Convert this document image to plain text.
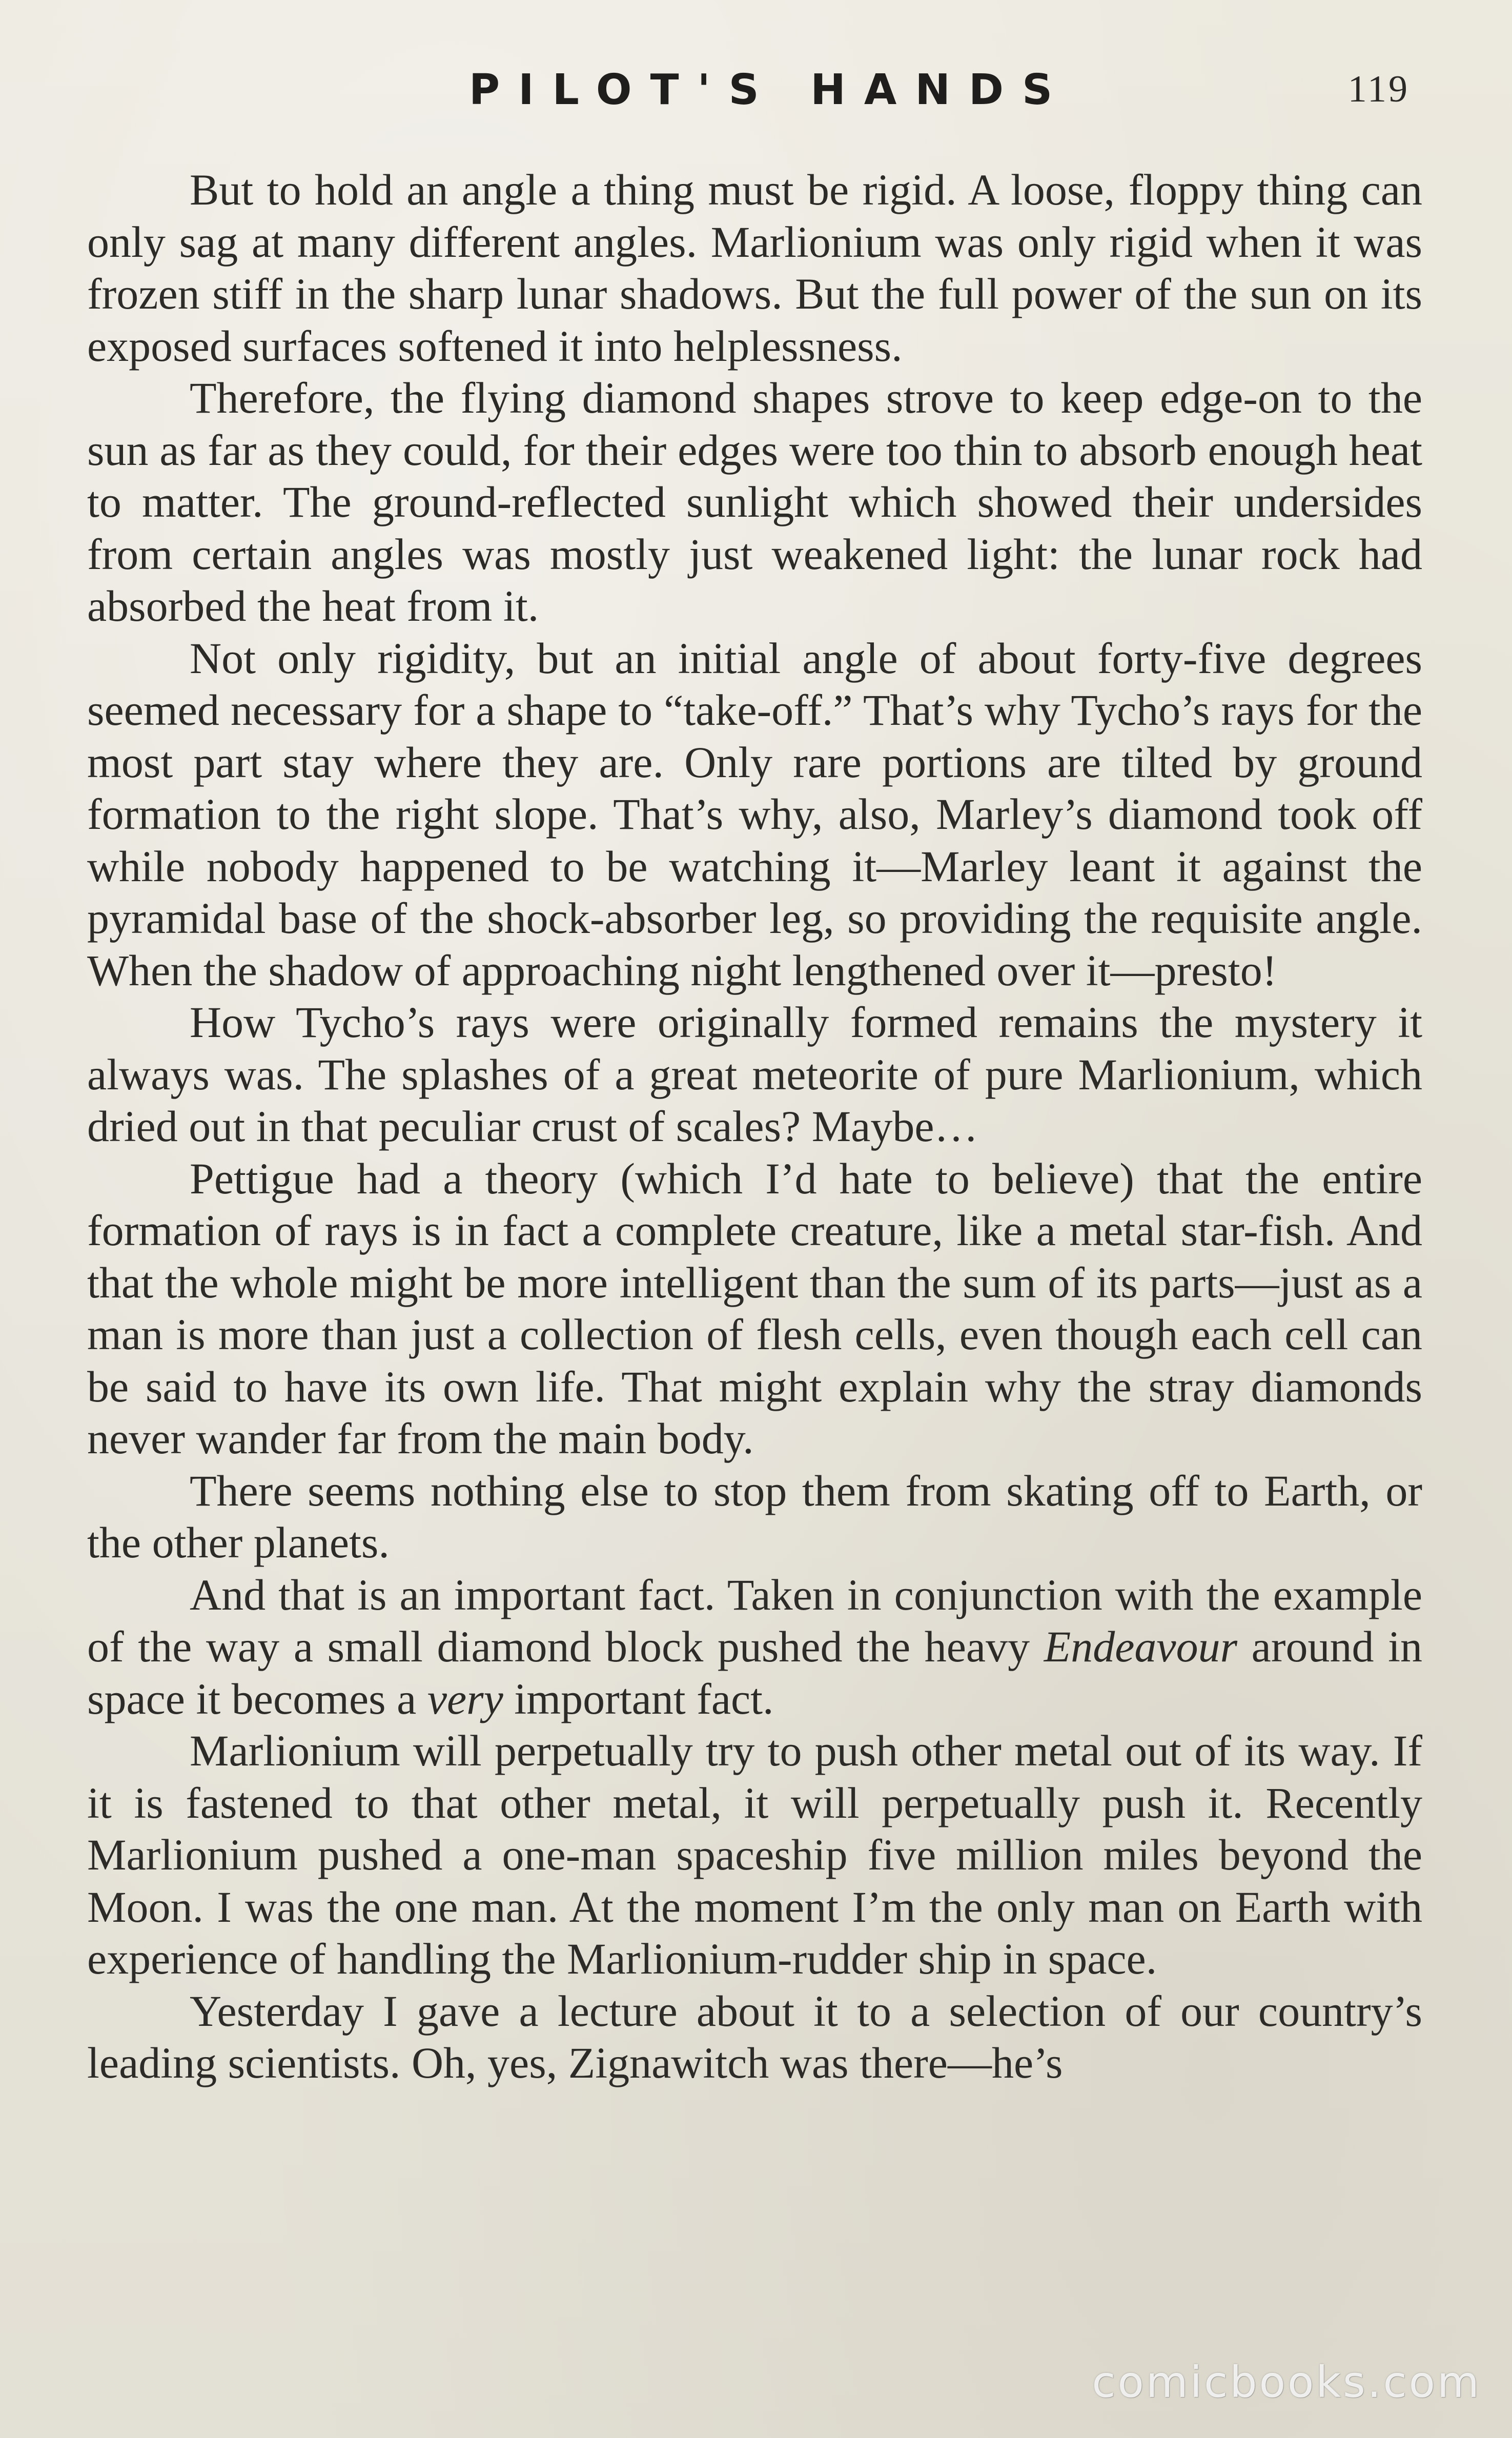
PILOT'S HANDS	119

But to hold an angle a thing must be rigid. A loose, floppy thing can only sag at many different angles. Marlionium was only rigid when it was frozen stiff in the sharp lunar shadows. But the full power of the sun on its exposed surfaces softened it into helplessness.

Therefore, the flying diamond shapes strove to keep edge-on to the sun as far as they could, for their edges were too thin to absorb enough heat to matter. The ground-reflected sunlight which showed their undersides from certain angles was mostly just weakened light: the lunar rock had absorbed the heat from it.

Not only rigidity, but an initial angle of about forty-five degrees seemed necessary for a shape to “take-off.” That’s why Tycho’s rays for the most part stay where they are. Only rare portions are tilted by ground formation to the right slope. That’s why, also, Marley’s diamond took off while nobody happened to be watching it—Marley leant it against the pyramidal base of the shock-absorber leg, so providing the requisite angle. When the shadow of approaching night lengthened over it—presto!

How Tycho’s rays were originally formed remains the mystery it always was. The splashes of a great meteorite of pure Marlionium, which dried out in that peculiar crust of scales? Maybe…

Pettigue had a theory (which I’d hate to believe) that the entire formation of rays is in fact a complete creature, like a metal star-fish. And that the whole might be more intelligent than the sum of its parts—just as a man is more than just a collection of flesh cells, even though each cell can be said to have its own life. That might explain why the stray diamonds never wander far from the main body.

There seems nothing else to stop them from skating off to Earth, or the other planets.

And that is an important fact. Taken in conjunction with the example of the way a small diamond block pushed the heavy Endeavour around in space it becomes a very important fact.

Marlionium will perpetually try to push other metal out of its way. If it is fastened to that other metal, it will perpetually push it. Recently Marlionium pushed a one-man spaceship five million miles beyond the Moon. I was the one man. At the moment I’m the only man on Earth with experience of handling the Marlionium-rudder ship in space.

Yesterday I gave a lecture about it to a selection of our country’s leading scientists. Oh, yes, Zignawitch was there—he’s

comicbooks.com
